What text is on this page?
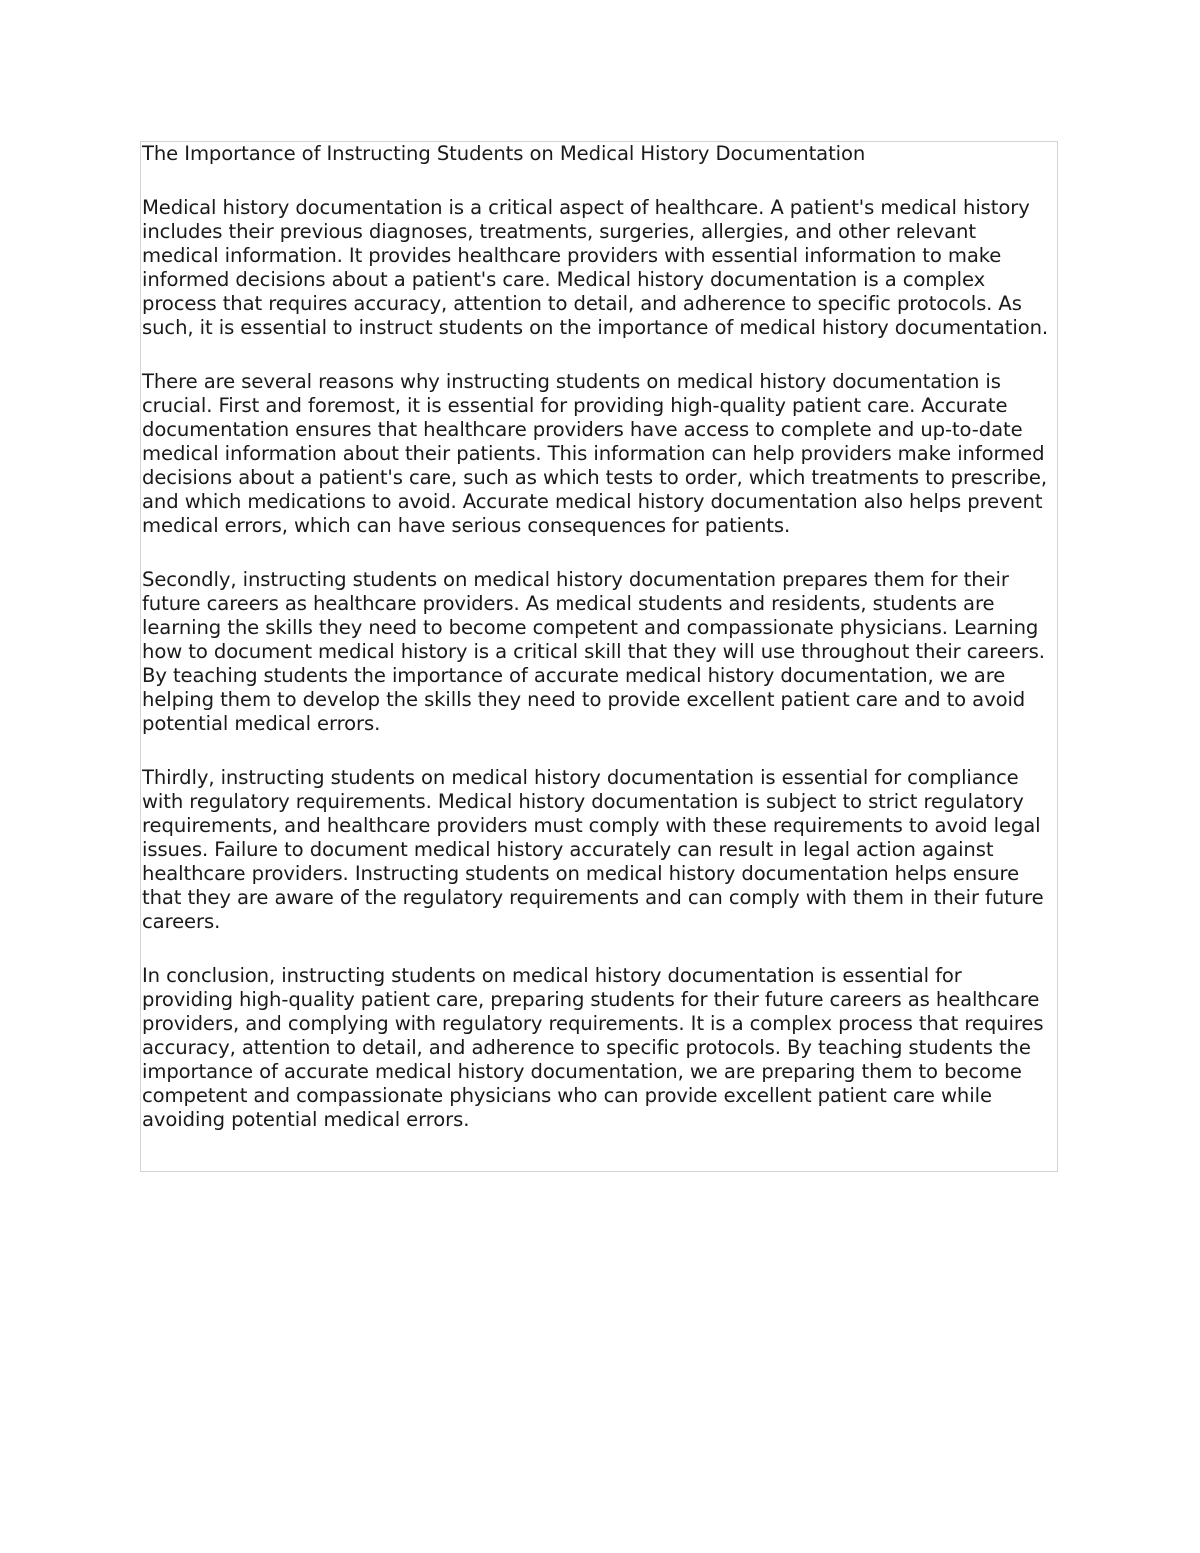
The Importance of Instructing Students on Medical History Documentation

Medical history documentation is a critical aspect of healthcare. A patient's medical history includes their previous diagnoses, treatments, surgeries, allergies, and other relevant medical information. It provides healthcare providers with essential information to make informed decisions about a patient's care. Medical history documentation is a complex process that requires accuracy, attention to detail, and adherence to specific protocols. As such, it is essential to instruct students on the importance of medical history documentation.

There are several reasons why instructing students on medical history documentation is crucial. First and foremost, it is essential for providing high-quality patient care. Accurate documentation ensures that healthcare providers have access to complete and up-to-date medical information about their patients. This information can help providers make informed decisions about a patient's care, such as which tests to order, which treatments to prescribe, and which medications to avoid. Accurate medical history documentation also helps prevent medical errors, which can have serious consequences for patients.

Secondly, instructing students on medical history documentation prepares them for their future careers as healthcare providers. As medical students and residents, students are learning the skills they need to become competent and compassionate physicians. Learning how to document medical history is a critical skill that they will use throughout their careers. By teaching students the importance of accurate medical history documentation, we are helping them to develop the skills they need to provide excellent patient care and to avoid potential medical errors.

Thirdly, instructing students on medical history documentation is essential for compliance with regulatory requirements. Medical history documentation is subject to strict regulatory requirements, and healthcare providers must comply with these requirements to avoid legal issues. Failure to document medical history accurately can result in legal action against healthcare providers. Instructing students on medical history documentation helps ensure that they are aware of the regulatory requirements and can comply with them in their future careers.

In conclusion, instructing students on medical history documentation is essential for providing high-quality patient care, preparing students for their future careers as healthcare providers, and complying with regulatory requirements. It is a complex process that requires accuracy, attention to detail, and adherence to specific protocols. By teaching students the importance of accurate medical history documentation, we are preparing them to become competent and compassionate physicians who can provide excellent patient care while avoiding potential medical errors.
